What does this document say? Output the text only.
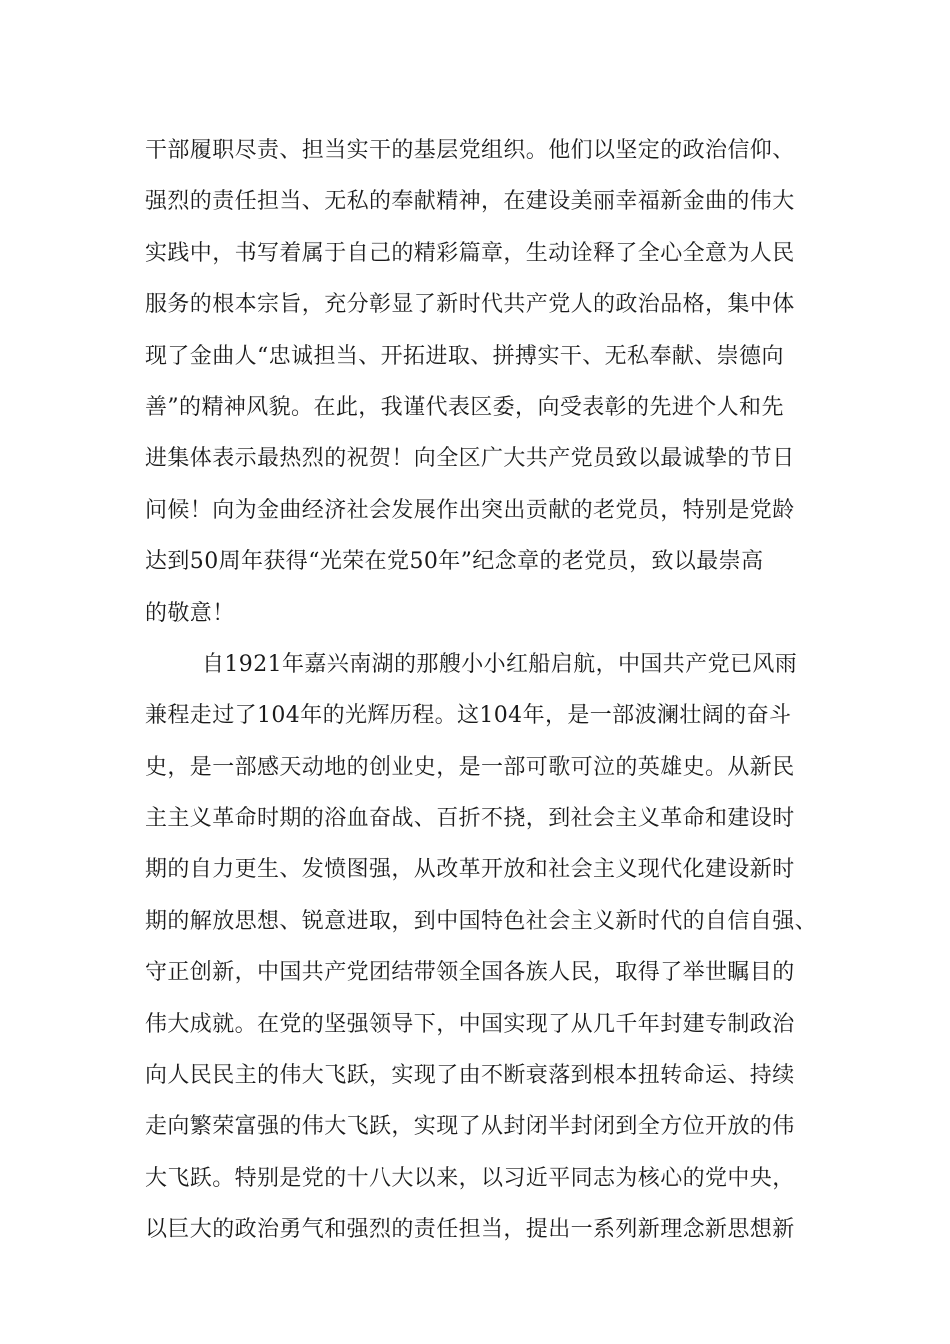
干部履职尽责、担当实干的基层党组织。他们以坚定的政治信仰、
强烈的责任担当、无私的奉献精神，在建设美丽幸福新金曲的伟大
实践中，书写着属于自己的精彩篇章，生动诠释了全心全意为人民
服务的根本宗旨，充分彰显了新时代共产党人的政治品格，集中体
现了金曲人“忠诚担当、开拓进取、拼搏实干、无私奉献、崇德向
善”的精神风貌。在此，我谨代表区委，向受表彰的先进个人和先
进集体表示最热烈的祝贺！向全区广大共产党员致以最诚挚的节日
问候！向为金曲经济社会发展作出突出贡献的老党员，特别是党龄
达到50周年获得“光荣在党50年”纪念章的老党员，致以最崇高
的敬意！
自1921年嘉兴南湖的那艘小小红船启航，中国共产党已风雨
兼程走过了104年的光辉历程。这104年，是一部波澜壮阔的奋斗
史，是一部感天动地的创业史，是一部可歌可泣的英雄史。从新民
主主义革命时期的浴血奋战、百折不挠，到社会主义革命和建设时
期的自力更生、发愤图强，从改革开放和社会主义现代化建设新时
期的解放思想、锐意进取，到中国特色社会主义新时代的自信自强、
守正创新，中国共产党团结带领全国各族人民，取得了举世瞩目的
伟大成就。在党的坚强领导下，中国实现了从几千年封建专制政治
向人民民主的伟大飞跃，实现了由不断衰落到根本扭转命运、持续
走向繁荣富强的伟大飞跃，实现了从封闭半封闭到全方位开放的伟
大飞跃。特别是党的十八大以来，以习近平同志为核心的党中央，
以巨大的政治勇气和强烈的责任担当，提出一系列新理念新思想新
